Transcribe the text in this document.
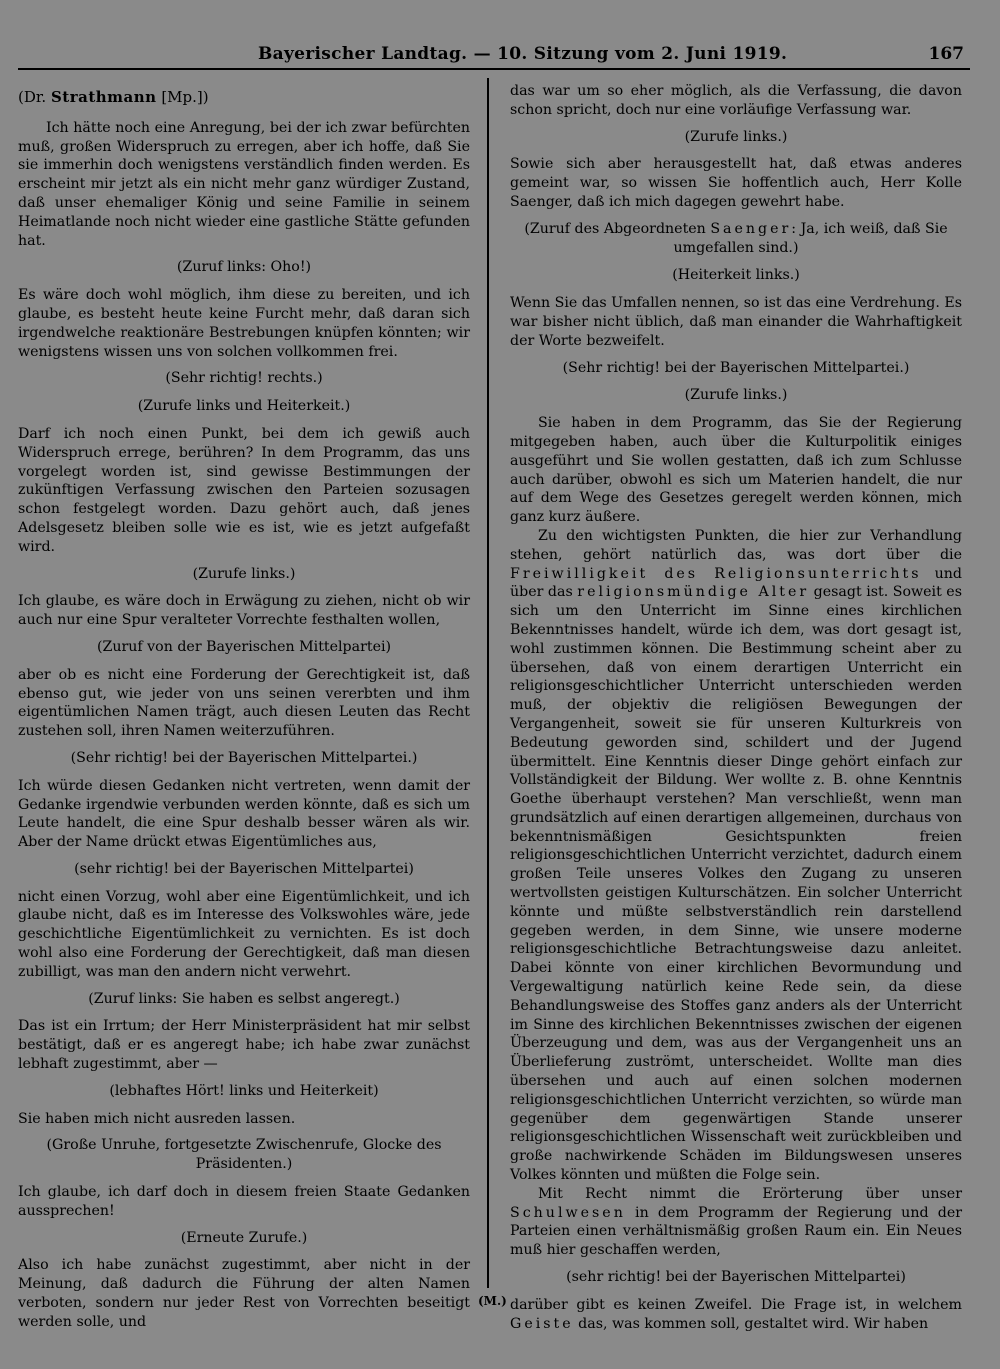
Bayerischer Landtag. — 10. Sitzung vom 2. Juni 1919.	167
(Dr. Strathmann [Mp.])

Ich hätte noch eine Anregung, bei der ich zwar befürchten muß, großen Widerspruch zu erregen, aber ich hoffe, daß Sie sie immerhin doch wenigstens verständlich finden werden. Es erscheint mir jetzt als ein nicht mehr ganz würdiger Zustand, daß unser ehemaliger König und seine Familie in seinem Heimatlande noch nicht wieder eine gastliche Stätte gefunden hat.

(Zuruf links: Oho!)

Es wäre doch wohl möglich, ihm diese zu bereiten, und ich glaube, es besteht heute keine Furcht mehr, daß daran sich irgendwelche reaktionäre Bestrebungen knüpfen könnten; wir wenigstens wissen uns von solchen vollkommen frei.

(Sehr richtig! rechts.)

(Zurufe links und Heiterkeit.)

Darf ich noch einen Punkt, bei dem ich gewiß auch Widerspruch errege, berühren? In dem Programm, das uns vorgelegt worden ist, sind gewisse Bestimmungen der zukünftigen Verfassung zwischen den Parteien sozusagen schon festgelegt worden. Dazu gehört auch, daß jenes Adelsgesetz bleiben solle wie es ist, wie es jetzt aufgefaßt wird.

(Zurufe links.)

Ich glaube, es wäre doch in Erwägung zu ziehen, nicht ob wir auch nur eine Spur veralteter Vorrechte festhalten wollen,

(Zuruf von der Bayerischen Mittelpartei)

aber ob es nicht eine Forderung der Gerechtigkeit ist, daß ebenso gut, wie jeder von uns seinen vererbten und ihm eigentümlichen Namen trägt, auch diesen Leuten das Recht zustehen soll, ihren Namen weiterzuführen.

(Sehr richtig! bei der Bayerischen Mittelpartei.)

Ich würde diesen Gedanken nicht vertreten, wenn damit der Gedanke irgendwie verbunden werden könnte, daß es sich um Leute handelt, die eine Spur deshalb besser wären als wir. Aber der Name drückt etwas Eigentümliches aus,

(sehr richtig! bei der Bayerischen Mittelpartei)

nicht einen Vorzug, wohl aber eine Eigentümlichkeit, und ich glaube nicht, daß es im Interesse des Volkswohles wäre, jede geschichtliche Eigentümlichkeit zu vernichten. Es ist doch wohl also eine Forderung der Gerechtigkeit, daß man diesen zubilligt, was man den andern nicht verwehrt.

(Zuruf links: Sie haben es selbst angeregt.)

Das ist ein Irrtum; der Herr Ministerpräsident hat mir selbst bestätigt, daß er es angeregt habe; ich habe zwar zunächst lebhaft zugestimmt, aber —

(lebhaftes Hört! links und Heiterkeit)

Sie haben mich nicht ausreden lassen.

(Große Unruhe, fortgesetzte Zwischenrufe, Glocke des Präsidenten.)

Ich glaube, ich darf doch in diesem freien Staate Gedanken aussprechen!

(Erneute Zurufe.)

Also ich habe zunächst zugestimmt, aber nicht in der Meinung, daß dadurch die Führung der alten Namen verboten, sondern nur jeder Rest von Vorrechten beseitigt werden solle, und

das war um so eher möglich, als die Verfassung, die davon schon spricht, doch nur eine vorläufige Verfassung war.

(Zurufe links.)

Sowie sich aber herausgestellt hat, daß etwas anderes gemeint war, so wissen Sie hoffentlich auch, Herr Kolle Saenger, daß ich mich dagegen gewehrt habe.

(Zuruf des Abgeordneten Saenger: Ja, ich weiß, daß Sie umgefallen sind.)

(Heiterkeit links.)

Wenn Sie das Umfallen nennen, so ist das eine Verdrehung. Es war bisher nicht üblich, daß man einander die Wahrhaftigkeit der Worte bezweifelt.

(Sehr richtig! bei der Bayerischen Mittelpartei.)

(Zurufe links.)

Sie haben in dem Programm, das Sie der Regierung mitgegeben haben, auch über die Kulturpolitik einiges ausgeführt und Sie wollen gestatten, daß ich zum Schlusse auch darüber, obwohl es sich um Materien handelt, die nur auf dem Wege des Gesetzes geregelt werden können, mich ganz kurz äußere.

Zu den wichtigsten Punkten, die hier zur Verhandlung stehen, gehört natürlich das, was dort über die Freiwilligkeit des Religionsunterrichts und über das religionsmündige Alter gesagt ist. Soweit es sich um den Unterricht im Sinne eines kirchlichen Bekenntnisses handelt, würde ich dem, was dort gesagt ist, wohl zustimmen können. Die Bestimmung scheint aber zu übersehen, daß von einem derartigen Unterricht ein religionsgeschichtlicher Unterricht unterschieden werden muß, der objektiv die religiösen Bewegungen der Vergangenheit, soweit sie für unseren Kulturkreis von Bedeutung geworden sind, schildert und der Jugend übermittelt. Eine Kenntnis dieser Dinge gehört einfach zur Vollständigkeit der Bildung. Wer wollte z. B. ohne Kenntnis Goethe überhaupt verstehen? Man verschließt, wenn man grundsätzlich auf einen derartigen allgemeinen, durchaus von bekenntnismäßigen Gesichtspunkten freien religionsgeschichtlichen Unterricht verzichtet, dadurch einem großen Teile unseres Volkes den Zugang zu unseren wertvollsten geistigen Kulturschätzen. Ein solcher Unterricht könnte und müßte selbstverständlich rein darstellend gegeben werden, in dem Sinne, wie unsere moderne religionsgeschichtliche Betrachtungsweise dazu anleitet. Dabei könnte von einer kirchlichen Bevormundung und Vergewaltigung natürlich keine Rede sein, da diese Behandlungsweise des Stoffes ganz anders als der Unterricht im Sinne des kirchlichen Bekenntnisses zwischen der eigenen Überzeugung und dem, was aus der Vergangenheit uns an Überlieferung zuströmt, unterscheidet. Wollte man dies übersehen und auch auf einen solchen modernen religionsgeschichtlichen Unterricht verzichten, so würde man gegenüber dem gegenwärtigen Stande unserer religionsgeschichtlichen Wissenschaft weit zurückbleiben und große nachwirkende Schäden im Bildungswesen unseres Volkes könnten und müßten die Folge sein.

Mit Recht nimmt die Erörterung über unser Schulwesen in dem Programm der Regierung und der Parteien einen verhältnismäßig großen Raum ein. Ein Neues muß hier geschaffen werden,

(sehr richtig! bei der Bayerischen Mittelpartei)

darüber gibt es keinen Zweifel. Die Frage ist, in welchem Geiste das, was kommen soll, gestaltet wird. Wir haben

(M.)
